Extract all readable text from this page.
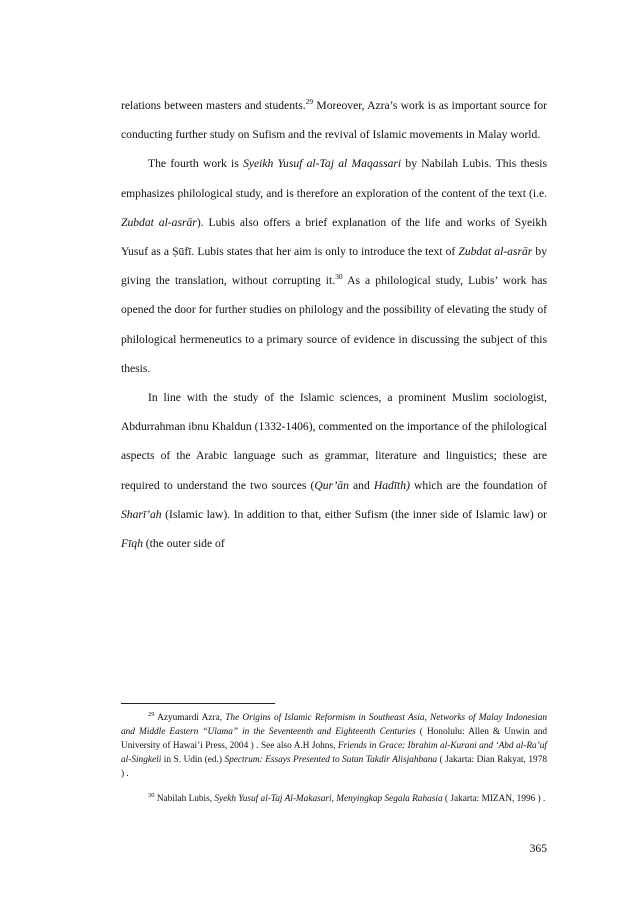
relations between masters and students.$^{29}$ Moreover, Azra’s work is as important source for conducting further study on Sufism and the revival of Islamic movements in Malay world.

The fourth work is Syeikh Yusuf al-Taj al Maqassari by Nabilah Lubis. This thesis emphasizes philological study, and is therefore an exploration of the content of the text (i.e. Zubdat al-asrār). Lubis also offers a brief explanation of the life and works of Syeikh Yusuf as a Ṣūfī. Lubis states that her aim is only to introduce the text of Zubdat al-asrār by giving the translation, without corrupting it.$^{30}$ As a philological study, Lubis’ work has opened the door for further studies on philology and the possibility of elevating the study of philological hermeneutics to a primary source of evidence in discussing the subject of this thesis.

In line with the study of the Islamic sciences, a prominent Muslim sociologist, Abdurrahman ibnu Khaldun (1332-1406), commented on the importance of the philological aspects of the Arabic language such as grammar, literature and linguistics; these are required to understand the two sources (Qur’ān and Hadīth) which are the foundation of Sharī’ah (Islamic law). In addition to that, either Sufism (the inner side of Islamic law) or Fīqh (the outer side of

$^{29}$ Azyumardi Azra, The Origins of Islamic Reformism in Southeast Asia, Networks of Malay Indonesian and Middle Eastern “Ulama” in the Seventeenth and Eighteenth Centuries ( Honolulu: Allen & Unwin and University of Hawai’i Press, 2004 ) . See also A.H Johns, Friends in Grace: Ibrahim al-Kurani and ‘Abd al-Ra’uf al-Singkeli in S. Udin (ed.) Spectrum: Essays Presented to Sutan Takdir Alisjahbana ( Jakarta: Dian Rakyat, 1978 ) .

$^{30}$ Nabilah Lubis, Syekh Yusuf al-Taj Al-Makasari, Menyingkap Segala Rahasia ( Jakarta: MIZAN, 1996 ) .

365
